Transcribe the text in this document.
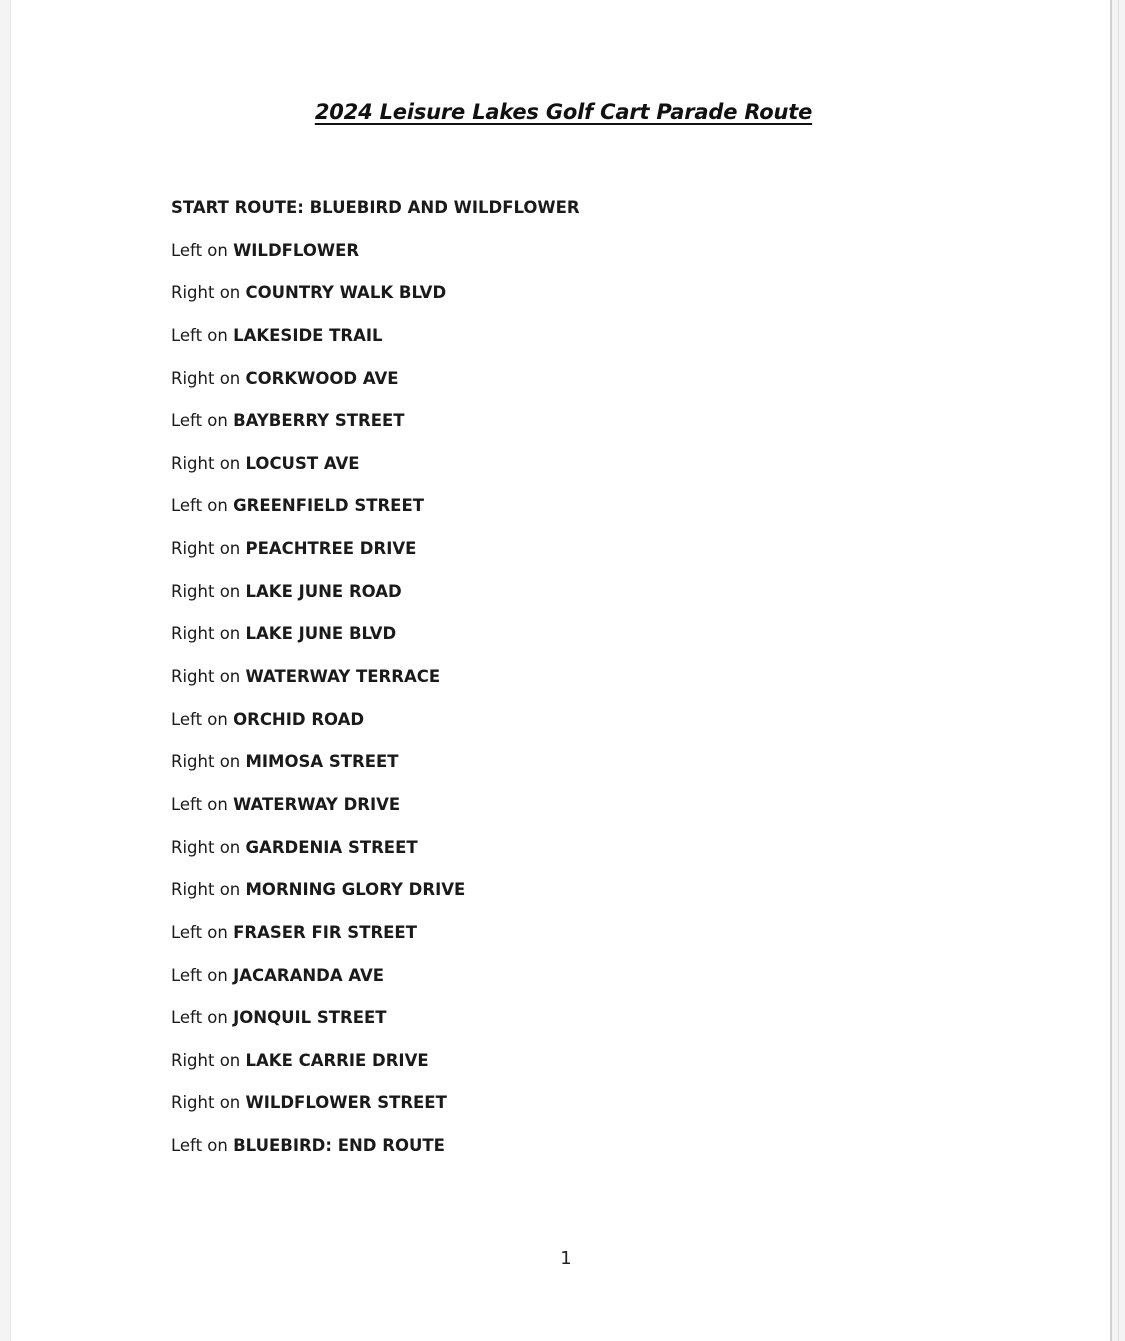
2024 Leisure Lakes Golf Cart Parade Route
START ROUTE: BLUEBIRD AND WILDFLOWER
Left on WILDFLOWER
Right on COUNTRY WALK BLVD
Left on LAKESIDE TRAIL
Right on CORKWOOD AVE
Left on BAYBERRY STREET
Right on LOCUST AVE
Left on GREENFIELD STREET
Right on PEACHTREE DRIVE
Right on LAKE JUNE ROAD
Right on LAKE JUNE BLVD
Right on WATERWAY TERRACE
Left on ORCHID ROAD
Right on MIMOSA STREET
Left on WATERWAY DRIVE
Right on GARDENIA STREET
Right on MORNING GLORY DRIVE
Left on FRASER FIR STREET
Left on JACARANDA AVE
Left on JONQUIL STREET
Right on LAKE CARRIE DRIVE
Right on WILDFLOWER STREET
Left on BLUEBIRD: END ROUTE
1
